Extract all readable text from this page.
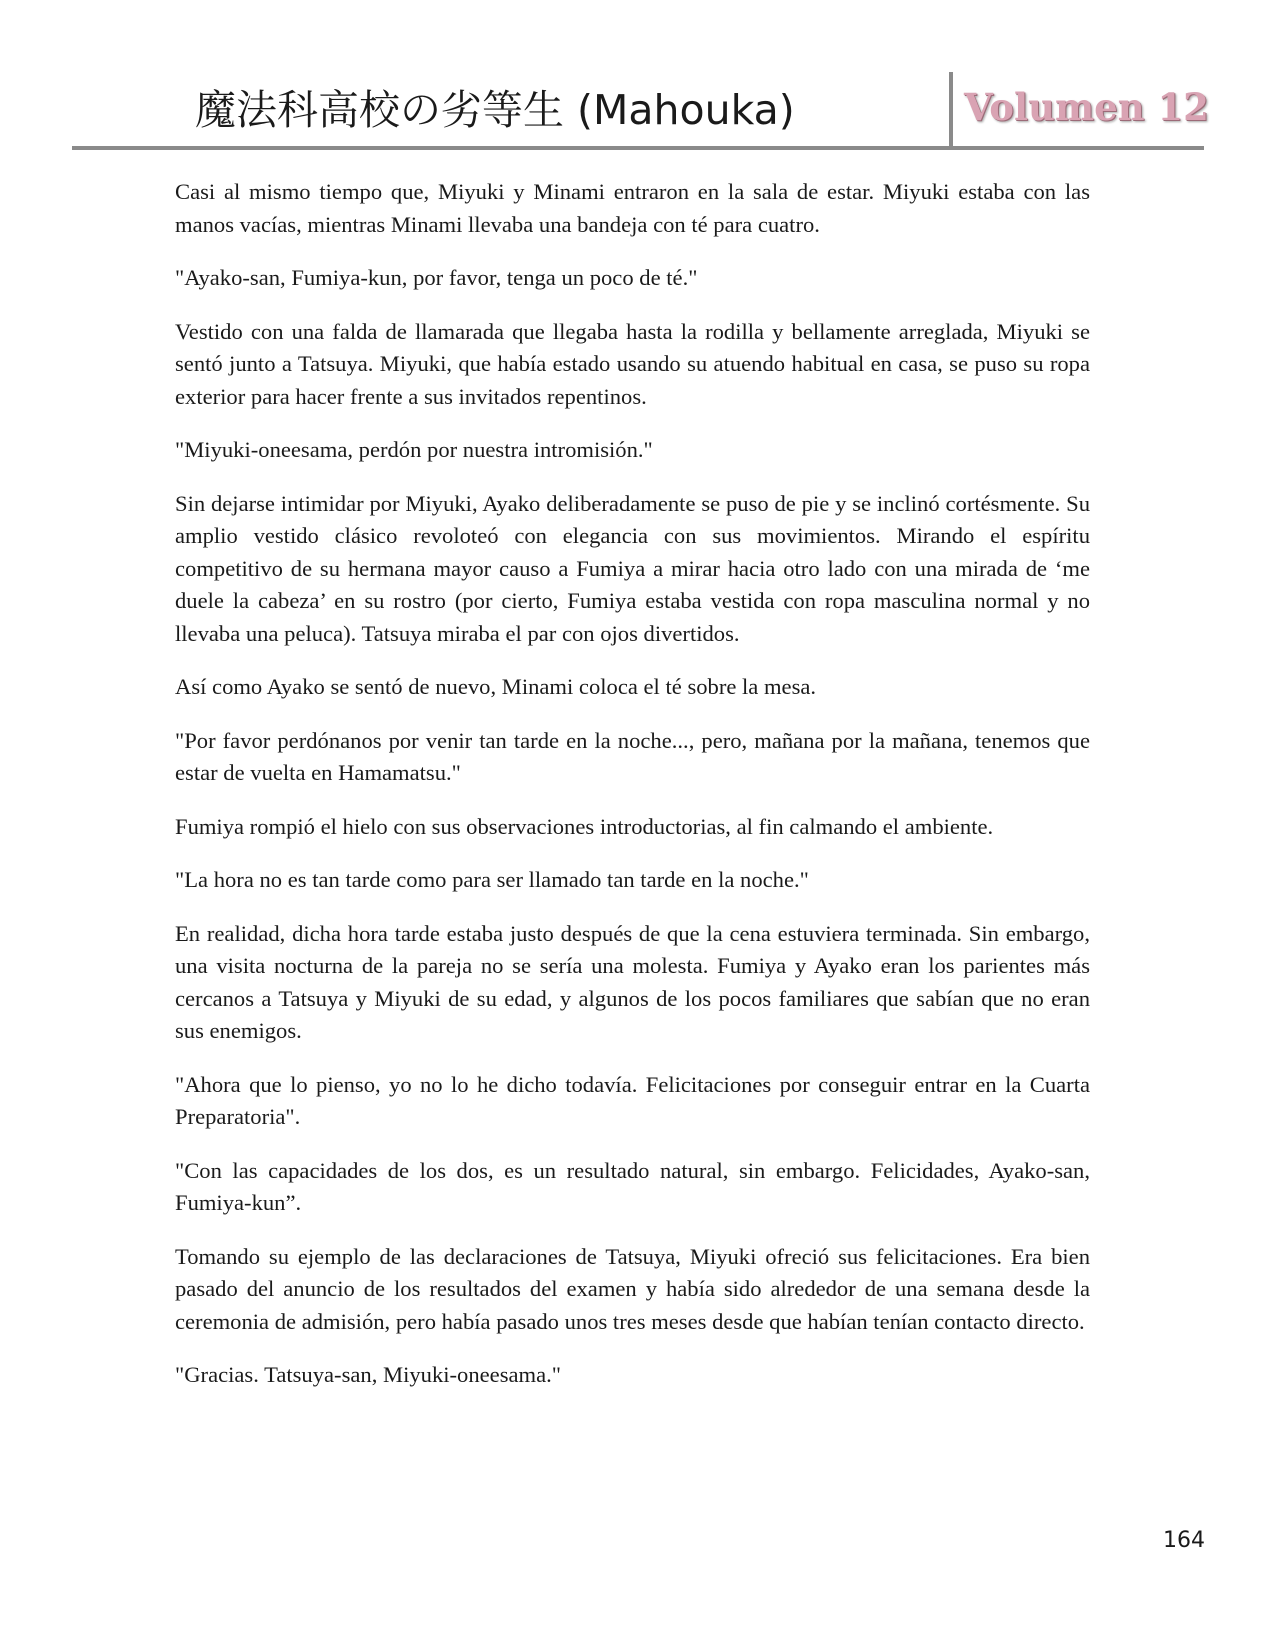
魔法科高校の劣等生 (Mahouka)	Volumen 12

Casi al mismo tiempo que, Miyuki y Minami entraron en la sala de estar. Miyuki estaba con las manos vacías, mientras Minami llevaba una bandeja con té para cuatro.

"Ayako-san, Fumiya-kun, por favor, tenga un poco de té."

Vestido con una falda de llamarada que llegaba hasta la rodilla y bellamente arreglada, Miyuki se sentó junto a Tatsuya. Miyuki, que había estado usando su atuendo habitual en casa, se puso su ropa exterior para hacer frente a sus invitados repentinos.

"Miyuki-oneesama, perdón por nuestra intromisión."

Sin dejarse intimidar por Miyuki, Ayako deliberadamente se puso de pie y se inclinó cortésmente. Su amplio vestido clásico revoloteó con elegancia con sus movimientos. Mirando el espíritu competitivo de su hermana mayor causo a Fumiya a mirar hacia otro lado con una mirada de ‘me duele la cabeza’ en su rostro (por cierto, Fumiya estaba vestida con ropa masculina normal y no llevaba una peluca). Tatsuya miraba el par con ojos divertidos.

Así como Ayako se sentó de nuevo, Minami coloca el té sobre la mesa.

"Por favor perdónanos por venir tan tarde en la noche..., pero, mañana por la mañana, tenemos que estar de vuelta en Hamamatsu."

Fumiya rompió el hielo con sus observaciones introductorias, al fin calmando el ambiente.

"La hora no es tan tarde como para ser llamado tan tarde en la noche."

En realidad, dicha hora tarde estaba justo después de que la cena estuviera terminada. Sin embargo, una visita nocturna de la pareja no se sería una molesta. Fumiya y Ayako eran los parientes más cercanos a Tatsuya y Miyuki de su edad, y algunos de los pocos familiares que sabían que no eran sus enemigos.

"Ahora que lo pienso, yo no lo he dicho todavía. Felicitaciones por conseguir entrar en la Cuarta Preparatoria".

"Con las capacidades de los dos, es un resultado natural, sin embargo. Felicidades, Ayako-san, Fumiya-kun”.

Tomando su ejemplo de las declaraciones de Tatsuya, Miyuki ofreció sus felicitaciones. Era bien pasado del anuncio de los resultados del examen y había sido alrededor de una semana desde la ceremonia de admisión, pero había pasado unos tres meses desde que habían tenían contacto directo.

"Gracias. Tatsuya-san, Miyuki-oneesama."

164
